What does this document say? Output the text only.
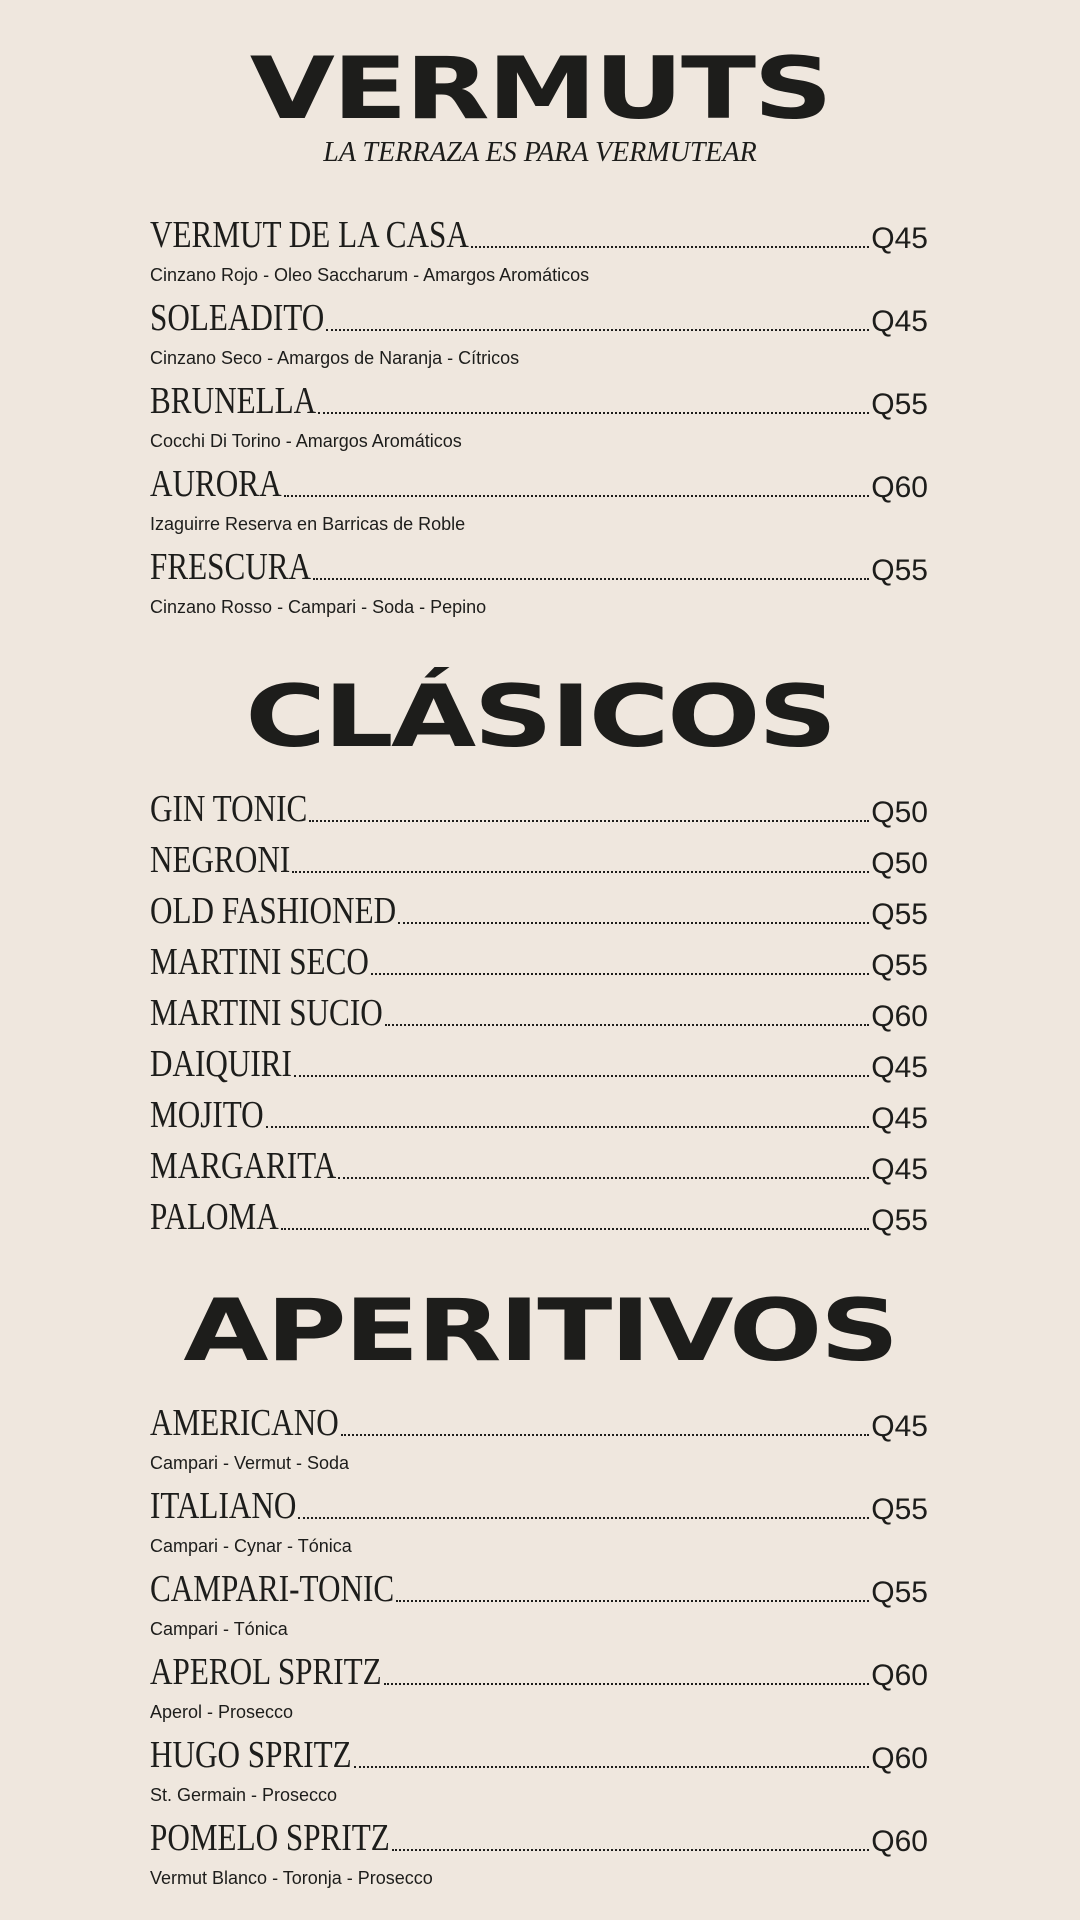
VERMUTS
LA TERRAZA ES PARA VERMUTEAR
VERMUT DE LA CASA	Q45
Cinzano Rojo - Oleo Saccharum - Amargos Aromáticos
SOLEADITO	Q45
Cinzano Seco - Amargos de Naranja - Cítricos
BRUNELLA	Q55
Cocchi Di Torino - Amargos Aromáticos
AURORA	Q60
Izaguirre Reserva en Barricas de Roble
FRESCURA	Q55
Cinzano Rosso - Campari - Soda - Pepino
CLÁSICOS
GIN TONIC	Q50
NEGRONI	Q50
OLD FASHIONED	Q55
MARTINI SECO	Q55
MARTINI SUCIO	Q60
DAIQUIRI	Q45
MOJITO	Q45
MARGARITA	Q45
PALOMA	Q55
APERITIVOS
AMERICANO	Q45
Campari - Vermut - Soda
ITALIANO	Q55
Campari - Cynar - Tónica
CAMPARI-TONIC	Q55
Campari - Tónica
APEROL SPRITZ	Q60
Aperol - Prosecco
HUGO SPRITZ	Q60
St. Germain - Prosecco
POMELO SPRITZ	Q60
Vermut Blanco - Toronja - Prosecco
